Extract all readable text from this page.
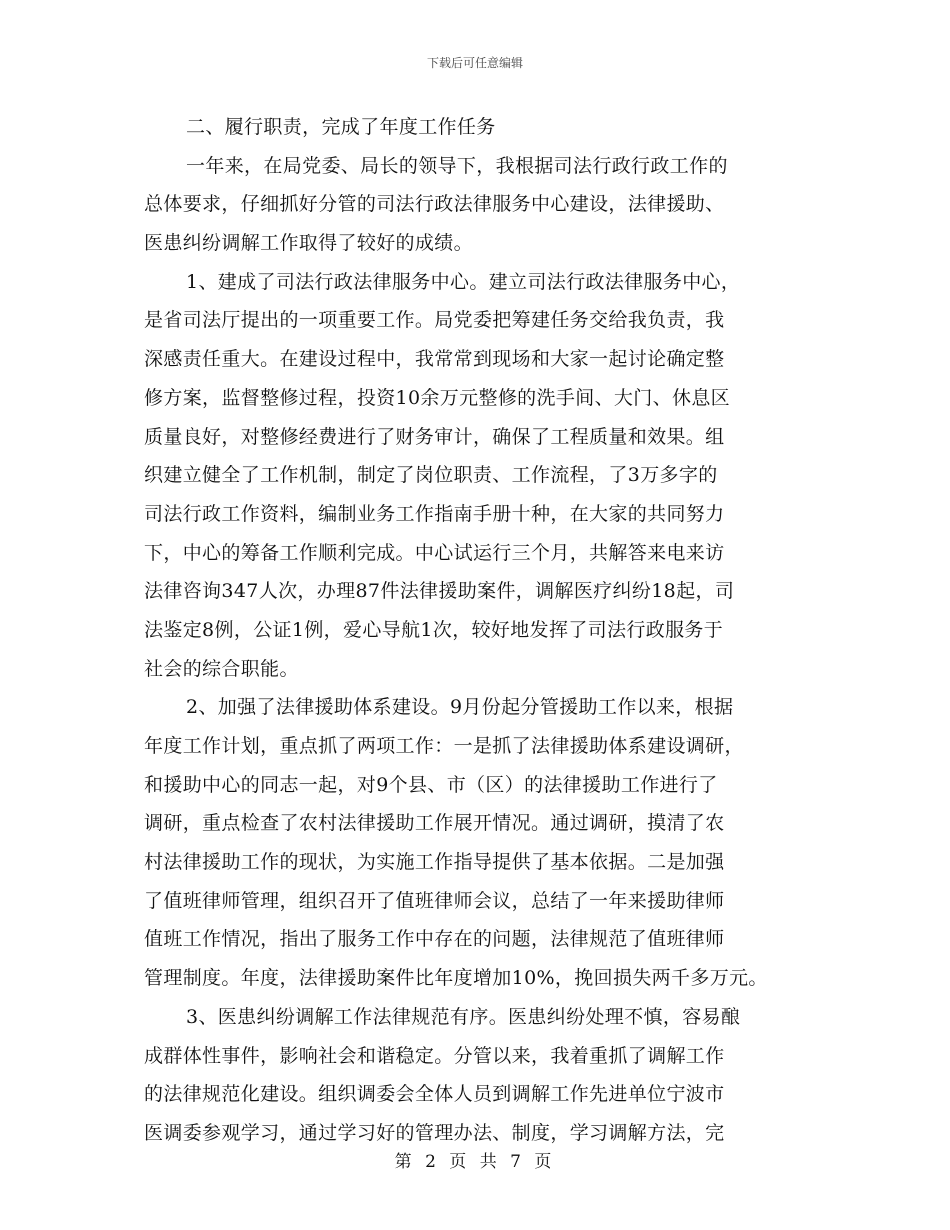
下载后可任意编辑
二、履行职责，完成了年度工作任务
一年来，在局党委、局长的领导下，我根据司法行政行政工作的
总体要求，仔细抓好分管的司法行政法律服务中心建设，法律援助、
医患纠纷调解工作取得了较好的成绩。
1、建成了司法行政法律服务中心。建立司法行政法律服务中心，
是省司法厅提出的一项重要工作。局党委把筹建任务交给我负责，我
深感责任重大。在建设过程中，我常常到现场和大家一起讨论确定整
修方案，监督整修过程，投资10余万元整修的洗手间、大门、休息区
质量良好，对整修经费进行了财务审计，确保了工程质量和效果。组
织建立健全了工作机制，制定了岗位职责、工作流程，了3万多字的
司法行政工作资料，编制业务工作指南手册十种，在大家的共同努力
下，中心的筹备工作顺利完成。中心试运行三个月，共解答来电来访
法律咨询347人次，办理87件法律援助案件，调解医疗纠纷18起，司
法鉴定8例，公证1例，爱心导航1次，较好地发挥了司法行政服务于
社会的综合职能。
2、加强了法律援助体系建设。9月份起分管援助工作以来，根据
年度工作计划，重点抓了两项工作：一是抓了法律援助体系建设调研，
和援助中心的同志一起，对9个县、市（区）的法律援助工作进行了
调研，重点检查了农村法律援助工作展开情况。通过调研，摸清了农
村法律援助工作的现状，为实施工作指导提供了基本依据。二是加强
了值班律师管理，组织召开了值班律师会议，总结了一年来援助律师
值班工作情况，指出了服务工作中存在的问题，法律规范了值班律师
管理制度。年度，法律援助案件比年度增加10%，挽回损失两千多万元。
3、医患纠纷调解工作法律规范有序。医患纠纷处理不慎，容易酿
成群体性事件，影响社会和谐稳定。分管以来，我着重抓了调解工作
的法律规范化建设。组织调委会全体人员到调解工作先进单位宁波市
医调委参观学习，通过学习好的管理办法、制度，学习调解方法，完
第 2 页 共 7 页
